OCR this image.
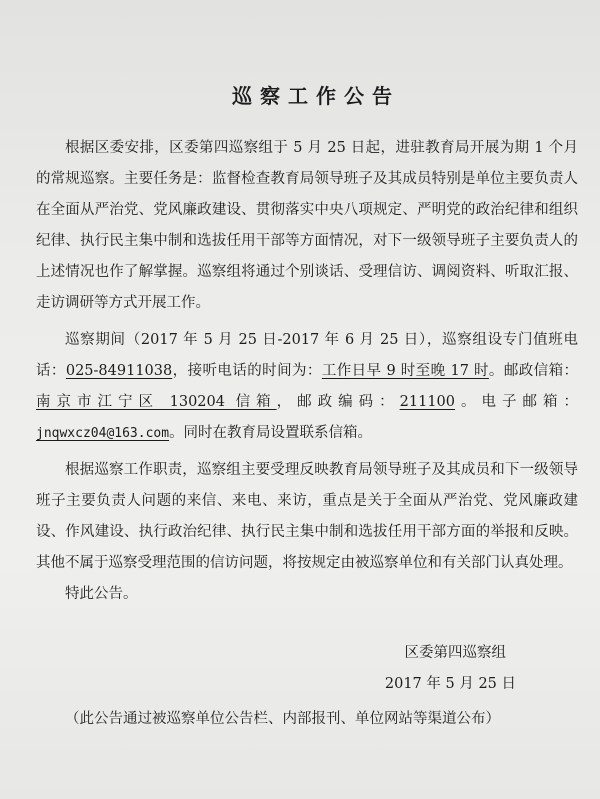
巡察工作公告

根据区委安排，区委第四巡察组于 5 月 25 日起，进驻教育局开展为期 1 个月的常规巡察。主要任务是：监督检查教育局领导班子及其成员特别是单位主要负责人在全面从严治党、党风廉政建设、贯彻落实中央八项规定、严明党的政治纪律和组织纪律、执行民主集中制和选拔任用干部等方面情况，对下一级领导班子主要负责人的上述情况也作了解掌握。巡察组将通过个别谈话、受理信访、调阅资料、听取汇报、走访调研等方式开展工作。

巡察期间（2017 年 5 月 25 日-2017 年 6 月 25 日），巡察组设专门值班电话：025-84911038，接听电话的时间为：工作日早 9 时至晚 17 时。邮政信箱：南京市江宁区 130204 信箱，邮政编码：211100。电子邮箱：jnqwxcz04@163.com。同时在教育局设置联系信箱。

根据巡察工作职责，巡察组主要受理反映教育局领导班子及其成员和下一级领导班子主要负责人问题的来信、来电、来访，重点是关于全面从严治党、党风廉政建设、作风建设、执行政治纪律、执行民主集中制和选拔任用干部方面的举报和反映。其他不属于巡察受理范围的信访问题，将按规定由被巡察单位和有关部门认真处理。

特此公告。

区委第四巡察组

2017 年 5 月 25 日

（此公告通过被巡察单位公告栏、内部报刊、单位网站等渠道公布）
